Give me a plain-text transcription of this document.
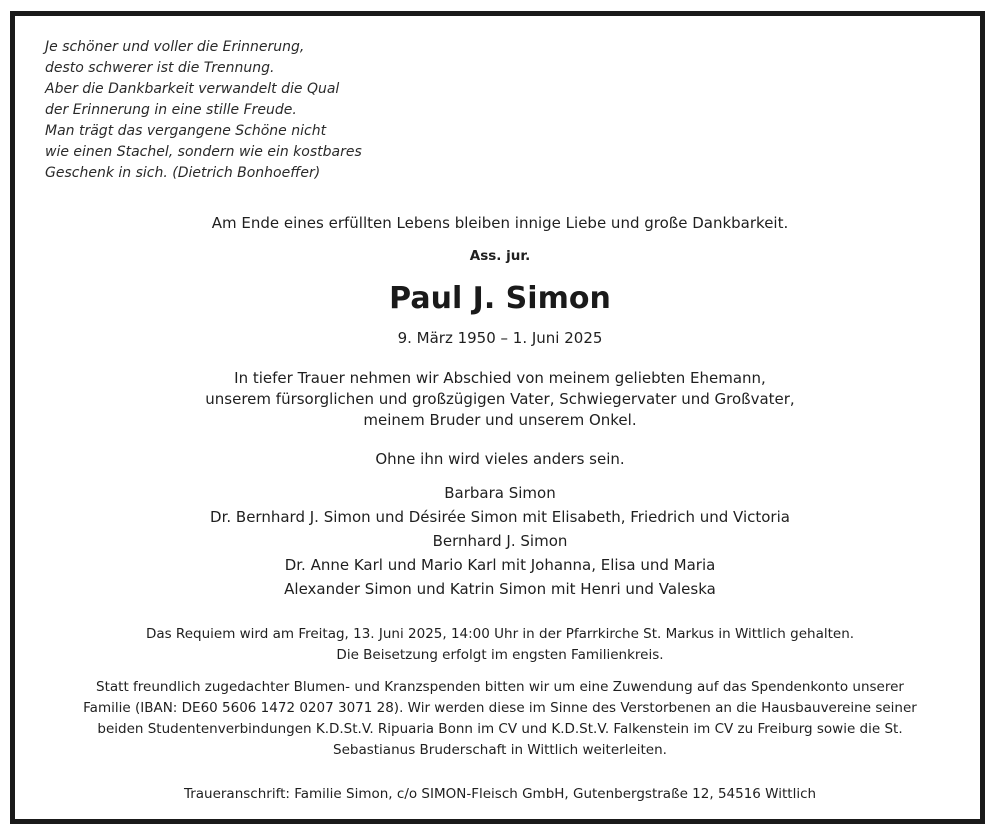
Je schöner und voller die Erinnerung,
desto schwerer ist die Trennung.
Aber die Dankbarkeit verwandelt die Qual
der Erinnerung in eine stille Freude.
Man trägt das vergangene Schöne nicht
wie einen Stachel, sondern wie ein kostbares
Geschenk in sich. (Dietrich Bonhoeffer)
Am Ende eines erfüllten Lebens bleiben innige Liebe und große Dankbarkeit.
Ass. jur.
Paul J. Simon
9. März 1950 – 1. Juni 2025
In tiefer Trauer nehmen wir Abschied von meinem geliebten Ehemann,
unserem fürsorglichen und großzügigen Vater, Schwiegervater und Großvater,
meinem Bruder und unserem Onkel.
Ohne ihn wird vieles anders sein.
Barbara Simon
Dr. Bernhard J. Simon und Désirée Simon mit Elisabeth, Friedrich und Victoria
Bernhard J. Simon
Dr. Anne Karl und Mario Karl mit Johanna, Elisa und Maria
Alexander Simon und Katrin Simon mit Henri und Valeska
Das Requiem wird am Freitag, 13. Juni 2025, 14:00 Uhr in der Pfarrkirche St. Markus in Wittlich gehalten.
Die Beisetzung erfolgt im engsten Familienkreis.
Statt freundlich zugedachter Blumen- und Kranzspenden bitten wir um eine Zuwendung auf das Spendenkonto unserer
Familie (IBAN: DE60 5606 1472 0207 3071 28). Wir werden diese im Sinne des Verstorbenen an die Hausbauvereine seiner
beiden Studentenverbindungen K.D.St.V. Ripuaria Bonn im CV und K.D.St.V. Falkenstein im CV zu Freiburg sowie die St.
Sebastianus Bruderschaft in Wittlich weiterleiten.
Traueranschrift: Familie Simon, c/o SIMON-Fleisch GmbH, Gutenbergstraße 12, 54516 Wittlich
